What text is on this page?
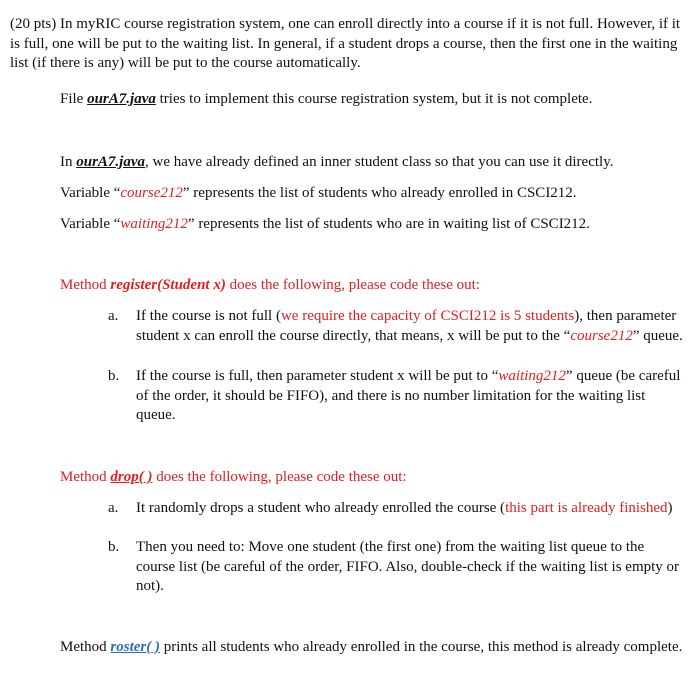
(20 pts) In myRIC course registration system, one can enroll directly into a course if it is not full. However, if it is full, one will be put to the waiting list. In general, if a student drops a course, then the first one in the waiting list (if there is any) will be put to the course automatically.

File ourA7.java tries to implement this course registration system, but it is not complete.

In ourA7.java, we have already defined an inner student class so that you can use it directly.

Variable “course212” represents the list of students who already enrolled in CSCI212.

Variable “waiting212” represents the list of students who are in waiting list of CSCI212.

Method register(Student x) does the following, please code these out:

a.	If the course is not full (we require the capacity of CSCI212 is 5 students), then parameter student x can enroll the course directly, that means, x will be put to the “course212” queue.
b.	If the course is full, then parameter student x will be put to “waiting212” queue (be careful of the order, it should be FIFO), and there is no number limitation for the waiting list queue.

Method drop( ) does the following, please code these out:

a.	It randomly drops a student who already enrolled the course (this part is already finished)
b.	Then you need to: Move one student (the first one) from the waiting list queue to the course list (be careful of the order, FIFO. Also, double-check if the waiting list is empty or not).

Method roster( ) prints all students who already enrolled in the course, this method is already complete.
